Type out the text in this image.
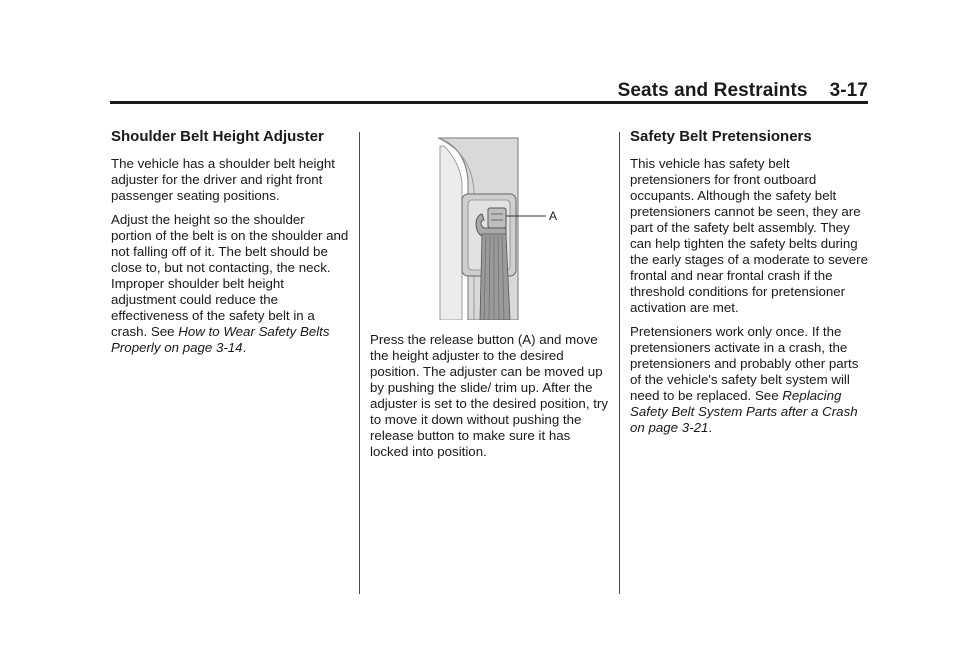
Seats and Restraints 3-17
Shoulder Belt Height Adjuster

The vehicle has a shoulder belt height adjuster for the driver and right front passenger seating positions.

Adjust the height so the shoulder portion of the belt is on the shoulder and not falling off of it. The belt should be close to, but not contacting, the neck. Improper shoulder belt height adjustment could reduce the effectiveness of the safety belt in a crash. See How to Wear Safety Belts Properly on page 3-14.

A

Press the release button (A) and move the height adjuster to the desired position. The adjuster can be moved up by pushing the slide/ trim up. After the adjuster is set to the desired position, try to move it down without pushing the release button to make sure it has locked into position.

Safety Belt Pretensioners

This vehicle has safety belt pretensioners for front outboard occupants. Although the safety belt pretensioners cannot be seen, they are part of the safety belt assembly. They can help tighten the safety belts during the early stages of a moderate to severe frontal and near frontal crash if the threshold conditions for pretensioner activation are met.

Pretensioners work only once. If the pretensioners activate in a crash, the pretensioners and probably other parts of the vehicle's safety belt system will need to be replaced. See Replacing Safety Belt System Parts after a Crash on page 3-21.
